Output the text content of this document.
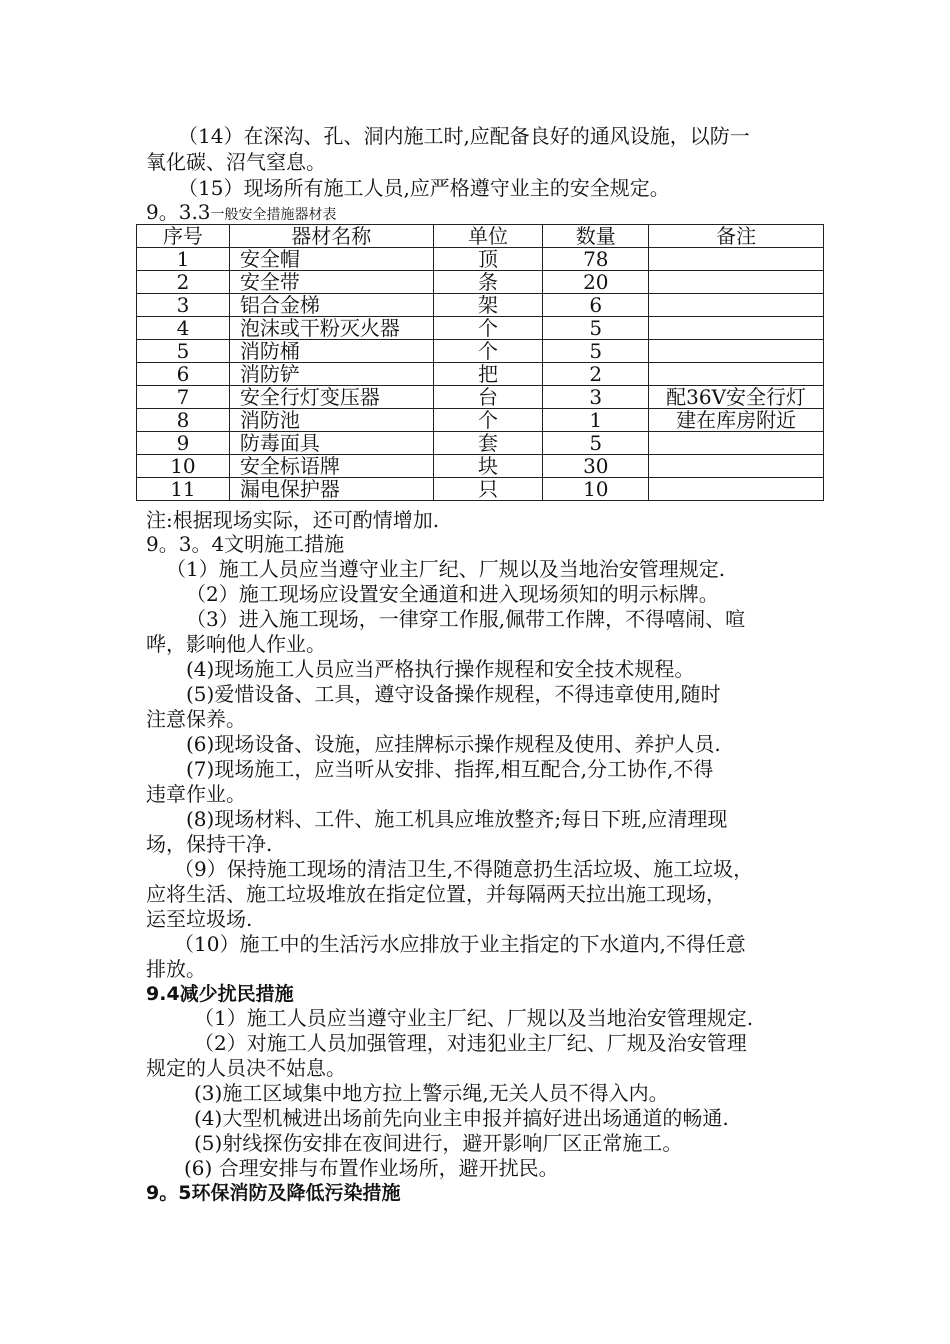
（14）在深沟、孔、洞内施工时,应配备良好的通风设施，以防一
氧化碳、沼气窒息。
（15）现场所有施工人员,应严格遵守业主的安全规定。
9。3.3一般安全措施器材表
序号	器材名称	单位	数量	备注
1	安全帽	顶	78	
2	安全带	条	20	
3	铝合金梯	架	6	
4	泡沫或干粉灭火器	个	5	
5	消防桶	个	5	
6	消防铲	把	2	
7	安全行灯变压器	台	3	配36V安全行灯
8	消防池	个	1	建在库房附近
9	防毒面具	套	5	
10	安全标语牌	块	30	
11	漏电保护器	只	10	
注:根据现场实际，还可酌情增加.
9。3。4文明施工措施
（1）施工人员应当遵守业主厂纪、厂规以及当地治安管理规定.
（2）施工现场应设置安全通道和进入现场须知的明示标牌。
（3）进入施工现场，一律穿工作服,佩带工作牌，不得嘻闹、喧
哗，影响他人作业。
(4)现场施工人员应当严格执行操作规程和安全技术规程。
(5)爱惜设备、工具，遵守设备操作规程，不得违章使用,随时
注意保养。
(6)现场设备、设施，应挂牌标示操作规程及使用、养护人员.
(7)现场施工，应当听从安排、指挥,相互配合,分工协作,不得
违章作业。
(8)现场材料、工件、施工机具应堆放整齐;每日下班,应清理现
场，保持干净.
（9）保持施工现场的清洁卫生,不得随意扔生活垃圾、施工垃圾，
应将生活、施工垃圾堆放在指定位置，并每隔两天拉出施工现场，
运至垃圾场.
（10）施工中的生活污水应排放于业主指定的下水道内,不得任意
排放。
9.4减少扰民措施
（1）施工人员应当遵守业主厂纪、厂规以及当地治安管理规定.
（2）对施工人员加强管理，对违犯业主厂纪、厂规及治安管理
规定的人员决不姑息。
(3)施工区域集中地方拉上警示绳,无关人员不得入内。
(4)大型机械进出场前先向业主申报并搞好进出场通道的畅通.
(5)射线探伤安排在夜间进行，避开影响厂区正常施工。
(6) 合理安排与布置作业场所，避开扰民。
9。5环保消防及降低污染措施
